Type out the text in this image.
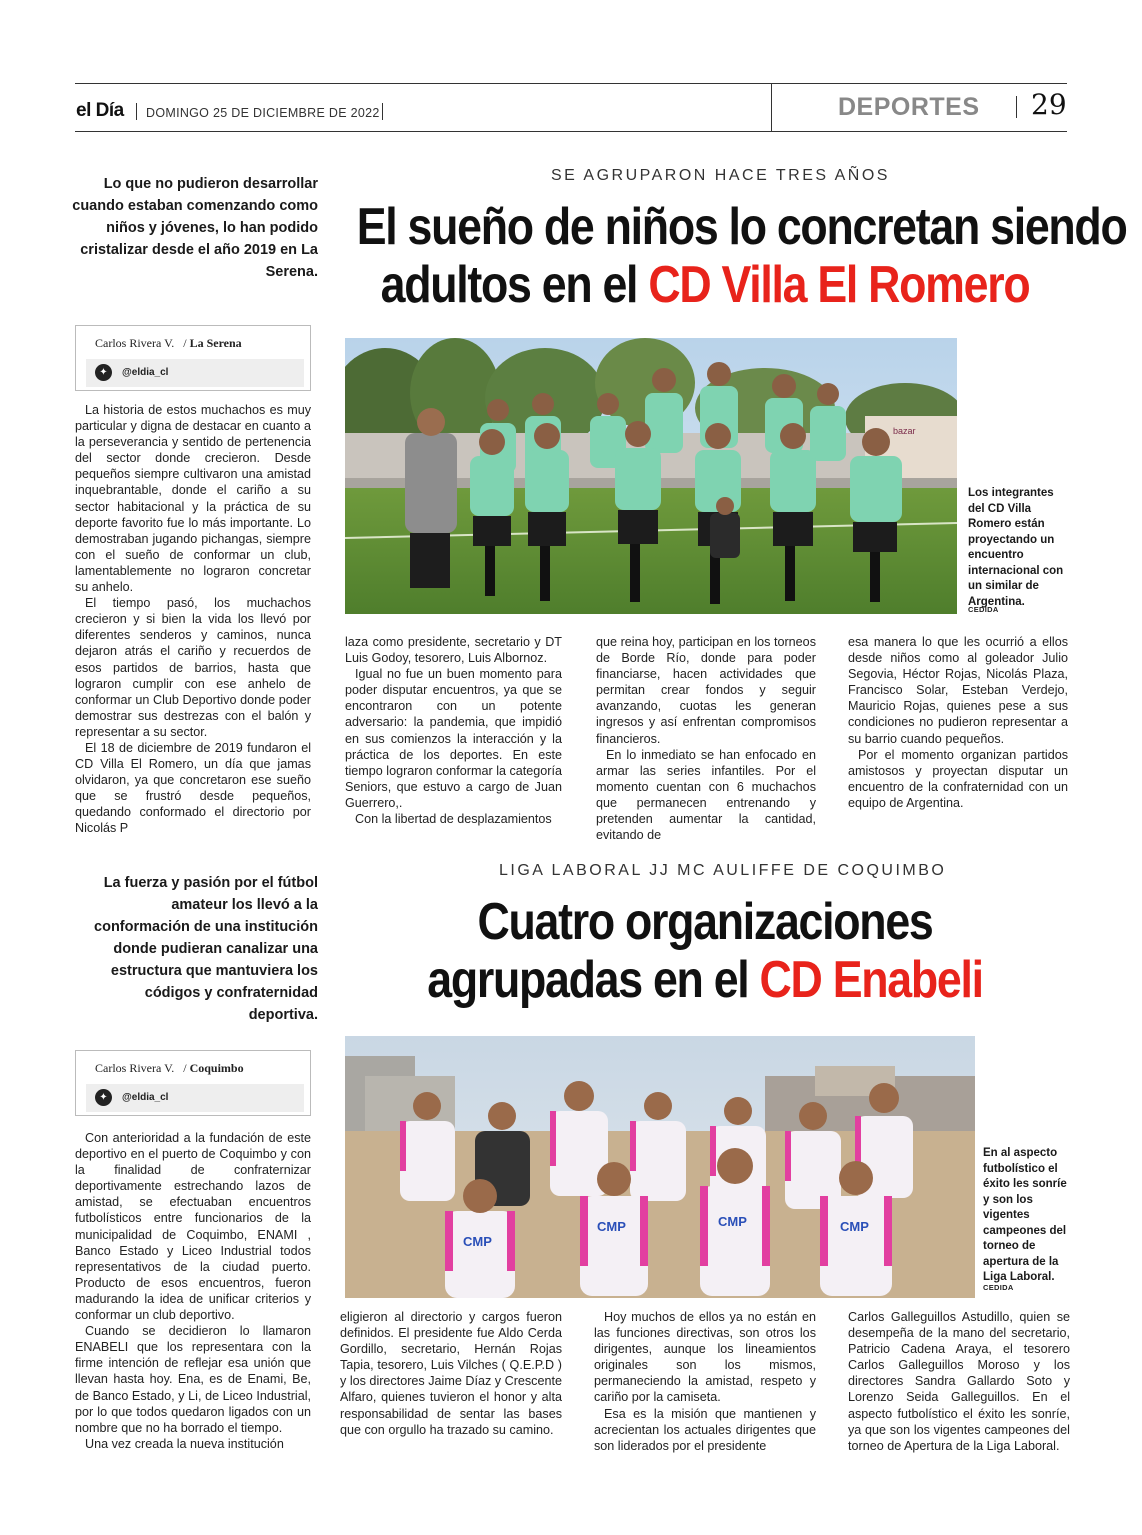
el Día DOMINGO 25 DE DICIEMBRE DE 2022	DEPORTES 29
SE AGRUPARON HACE TRES AÑOS
El sueño de niños lo concretan siendo
adultos en el CD Villa El Romero
Lo que no pudieron desarrollar cuando estaban comenzando como niños y jóvenes, lo han podido cristalizar desde el año 2019 en La Serena.
Carlos Rivera V. / La Serena
✦	@eldia_cl

La historia de estos muchachos es muy particular y digna de destacar en cuanto a la perseverancia y sentido de pertenencia del sector donde crecieron. Desde pequeños siempre cultivaron una amistad inquebrantable, donde el cariño a su sector habitacional y la práctica de su deporte favorito fue lo más importante. Lo demostraban jugando pichangas, siempre con el sueño de conformar un club, lamentablemente no lograron concretar su anhelo.

El tiempo pasó, los muchachos crecieron y si bien la vida los llevó por diferentes senderos y caminos, nunca dejaron atrás el cariño y recuerdos de esos partidos de barrios, hasta que lograron cumplir con ese anhelo de conformar un Club Deportivo donde poder demostrar sus destrezas con el balón y representar a su sector.

El 18 de diciembre de 2019 fundaron el CD Villa El Romero, un día que jamas olvidaron, ya que concretaron ese sueño que se frustró desde pequeños, quedando conformado el directorio por Nicolás P

bazar
Los integrantes del CD Villa Romero están proyectando un encuentro internacional con un similar de Argentina.
CEDIDA

laza como presidente, secretario y DT Luis Godoy, tesorero, Luis Albornoz.

Igual no fue un buen momento para poder disputar encuentros, ya que se encontraron con un potente adversario: la pandemia, que impidió en sus comienzos la interacción y la práctica de los deportes. En este tiempo lograron conformar la categoría Seniors, que estuvo a cargo de Juan Guerrero,.

Con la libertad de desplazamientos

que reina hoy, participan en los torneos de Borde Río, donde para poder financiarse, hacen actividades que permitan crear fondos y seguir avanzando, cuotas les generan ingresos y así enfrentan compromisos financieros.

En lo inmediato se han enfocado en armar las series infantiles. Por el momento cuentan con 6 muchachos que permanecen entrenando y pretenden aumentar la cantidad, evitando de

esa manera lo que les ocurrió a ellos desde niños como al goleador Julio Segovia, Héctor Rojas, Nicolás Plaza, Francisco Solar, Esteban Verdejo, Mauricio Rojas, quienes pese a sus condiciones no pudieron representar a su barrio cuando pequeños.

Por el momento organizan partidos amistosos y proyectan disputar un encuentro de la confraternidad con un equipo de Argentina.

LIGA LABORAL JJ MC AULIFFE DE COQUIMBO
Cuatro organizaciones
agrupadas en el CD Enabeli
La fuerza y pasión por el fútbol amateur los llevó a la conformación de una institución donde pudieran canalizar una estructura que mantuviera los códigos y confraternidad deportiva.
Carlos Rivera V. / Coquimbo
✦	@eldia_cl

Con anterioridad a la fundación de este deportivo en el puerto de Coquimbo y con la finalidad de confraternizar deportivamente estrechando lazos de amistad, se efectuaban encuentros futbolísticos entre funcionarios de la municipalidad de Coquimbo, ENAMI , Banco Estado y Liceo Industrial todos representativos de la ciudad puerto. Producto de esos encuentros, fueron madurando la idea de unificar criterios y conformar un club deportivo.

Cuando se decidieron lo llamaron ENABELI que los representara con la firme intención de reflejar esa unión que llevan hasta hoy. Ena, es de Enami, Be, de Banco Estado, y Li, de Liceo Industrial, por lo que todos quedaron ligados con un nombre que no ha borrado el tiempo.

Una vez creada la nueva institución

CMP
CMP	CMP	CMP
En al aspecto futbolístico el éxito les sonríe y son los vigentes campeones del torneo de apertura de la Liga Laboral.
CEDIDA

eligieron al directorio y cargos fueron definidos. El presidente fue Aldo Cerda Gordillo, secretario, Hernán Rojas Tapia, tesorero, Luis Vilches ( Q.E.P.D ) y los directores Jaime Díaz y Crescente Alfaro, quienes tuvieron el honor y alta responsabilidad de sentar las bases que con orgullo ha trazado su camino.

Hoy muchos de ellos ya no están en las funciones directivas, son otros los dirigentes, aunque los lineamientos originales son los mismos, permaneciendo la amistad, respeto y cariño por la camiseta.

Esa es la misión que mantienen y acrecientan los actuales dirigentes que son liderados por el presidente

Carlos Galleguillos Astudillo, quien se desempeña de la mano del secretario, Patricio Cadena Araya, el tesorero Carlos Galleguillos Moroso y los directores Sandra Gallardo Soto y Lorenzo Seida Galleguillos. En el aspecto futbolístico el éxito les sonríe, ya que son los vigentes campeones del torneo de Apertura de la Liga Laboral.
